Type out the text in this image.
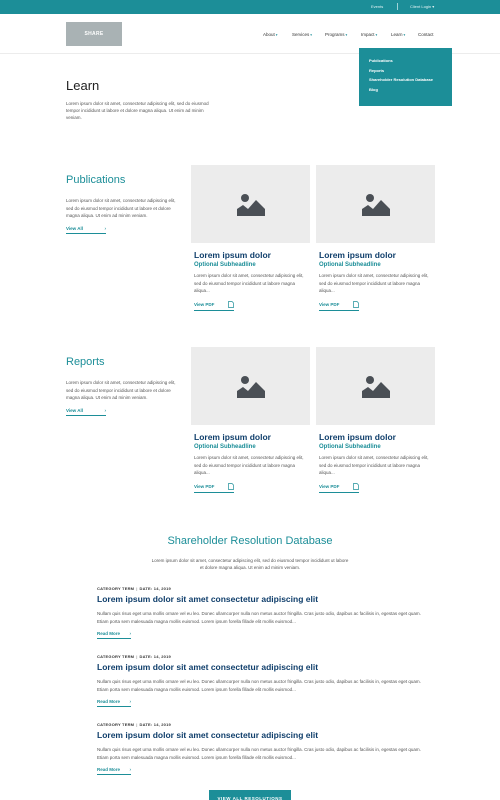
Events	Client Login ▾
SHARE	About ▾	Services ▾	Programs ▾	Impact ▾	Learn ▾	Contact
Publications
Reports
Shareholder Resolution Database
Blog
Learn
Lorem ipsum dolor sit amet, consectetur adipiscing elit, sed do eiusmod tempor incididunt ut labore et dolore magna aliqua. Ut enim ad minim veniam.
Publications
Lorem ipsum dolor sit amet, consectetur adipiscing elit, sed do eiusmod tempor incididunt ut labore et dolore magna aliqua. Ut enim ad minim veniam.
View All	›
Lorem ipsum dolor
Optional Subheadline
Lorem ipsum dolor sit amet, consectetur adipiscing elit, sed do eiusmod tempor incididunt ut labore magna aliqua...
View PDF
Lorem ipsum dolor
Optional Subheadline
Lorem ipsum dolor sit amet, consectetur adipiscing elit, sed do eiusmod tempor incididunt ut labore magna aliqua...
View PDF
Reports
Lorem ipsum dolor sit amet, consectetur adipiscing elit, sed do eiusmod tempor incididunt ut labore et dolore magna aliqua. Ut enim ad minim veniam.
View All	›
Lorem ipsum dolor
Optional Subheadline
Lorem ipsum dolor sit amet, consectetur adipiscing elit, sed do eiusmod tempor incididunt ut labore magna aliqua...
View PDF
Lorem ipsum dolor
Optional Subheadline
Lorem ipsum dolor sit amet, consectetur adipiscing elit, sed do eiusmod tempor incididunt ut labore magna aliqua...
View PDF
Shareholder Resolution Database
Lorem ipsum dolor sit amet, consectetur adipiscing elit, sed do eiusmod tempor incididunt ut labore et dolore magna aliqua. Ut enim ad minim veniam.
CATEGORY TERM | DATE: 14, 2019
Lorem ipsum dolor sit amet consectetur adipiscing elit
Nullam quis risus eget urna mollis ornare vel eu leo. Donec ullamcorper nulla non metus auctor fringilla. Cras justo odio, dapibus ac facilisis in, egestas eget quam. Etiam porta sem malesuada magna mollis euismod. Lorem ipsum forella fillade elit mollis euismod...
Read More ›
CATEGORY TERM | DATE: 14, 2019
Lorem ipsum dolor sit amet consectetur adipiscing elit
Nullam quis risus eget urna mollis ornare vel eu leo. Donec ullamcorper nulla non metus auctor fringilla. Cras justo odio, dapibus ac facilisis in, egestas eget quam. Etiam porta sem malesuada magna mollis euismod. Lorem ipsum forella fillade elit mollis euismod...
Read More ›
CATEGORY TERM | DATE: 14, 2019
Lorem ipsum dolor sit amet consectetur adipiscing elit
Nullam quis risus eget urna mollis ornare vel eu leo. Donec ullamcorper nulla non metus auctor fringilla. Cras justo odio, dapibus ac facilisis in, egestas eget quam. Etiam porta sem malesuada magna mollis euismod. Lorem ipsum forella fillade elit mollis euismod...
Read More ›
VIEW ALL RESOLUTIONS
